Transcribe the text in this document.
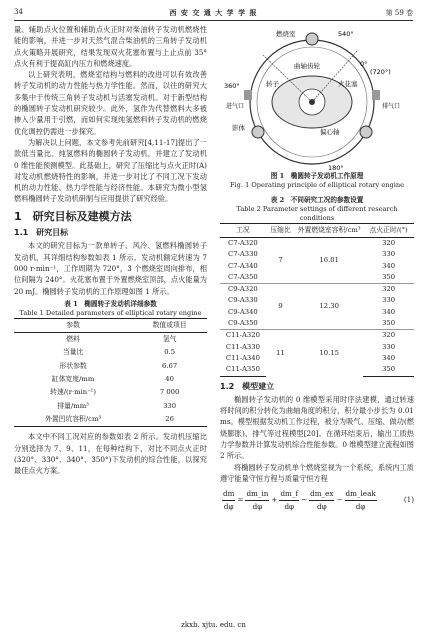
34	西 安 交 通 大 学 学 报	第 59 卷

量、辅助点火位置和辅助点火正时对柴油转子发动机燃烧性能的影响，并进一步对天然气混合柴油机的三角转子发动机点火策略开展研究，结果发现双火花塞布置与上止点前 35°点火有利于提高缸内压力和燃烧速度。

以上研究表明，燃烧室结构与燃料的改进可以有效改善转子发动机的动力性能与热力学性能。然而，以往的研究大多集中于传统三角转子发动机与活塞发动机。对于新型结构的椭圆转子发动机研究较少。此外，氢作为代替燃料大多被掺入少量用于引燃，而如何实现纯氢燃料转子发动机的燃烧优化调控仍需进一步探究。

为解决以上问题，本文参考先前研究[4,11-17]提出了一款低当量比、纯氢燃料的椭圆转子发动机，并建立了发动机 0 维性能预测模型。此基础上，研究了压缩比与点火正时(A)对发动机燃烧特性的影响，并进一步对比了不同工况下发动机的动力性能、热力学性能与经济性能。本研究为微小型氢燃料椭圆转子发动机研制与应用提供了研究经验。

1　研究目标及建模方法
1.1　研究目标

本文的研究目标为一款单转子、风冷、氢燃料椭圆转子发动机，其详细结构参数如表 1 所示。发动机额定转速为 7 000 r·min⁻¹，工作周期为 720°，3 个燃烧室周向排布，相位间隔为 240°。火花塞布置于外置燃烧室顶部，点火能量为 20 mJ。椭圆转子发动机的工作原理如图 1 所示。

表 1　椭圆转子发动机详细参数
Table 1 Detailed parameters of elliptical rotary engine
参数	数值或项目
燃料	氢气
当量比	0.5
形状参数	6.67
缸体宽度/mm	40
转速/(r·min⁻¹)	7 000
排量/mm³	330
外置凹坑容积/cm³	26

本文中不同工况对应的参数如表 2 所示。发动机压缩比分别选择为 7、9、11，在每种结构下，对比不同点火正时(320°、330°、340°、350°)下发动机的综合性能，以探究最佳点火方案。

燃烧室	540°
曲轴齿轮	0°
(720°)
转子	火花塞
360°
进气口	排气口
影体	偏心轴
180°
图 1　椭圆转子发动机工作原理
Fig. 1 Operating principle of elliptical rotary engine
表 2　不同研究工况的参数设置
Table 2 Parameter settings of different research conditions
工况	压缩比	外置燃烧室容积/cm³	点火正时/(°)
C7-A320	7	16.01	320
C7-A330			330
C7-A340			340
C7-A350			350
C9-A320	9	12.30	320
C9-A330			330
C9-A340			340
C9-A350			350
C11-A320	11	10.15	320
C11-A330			330
C11-A340			340
C11-A350			350
1.2　模型建立

椭圆转子发动机的 0 维模型采用时序法建模，通过转速将时间的积分转化为曲轴角度的积分，积分最小步长为 0.01 ms。模型根据发动机工作过程，被分为吸气、压缩、做功(燃烧膨胀)、排气等过程模型[20]。在循环结束后，输出工质热力学参数并计算发动机综合性能参数。0 维模型建立流程如图 2 所示。

将椭圆转子发动机单个燃烧室视为一个系统，系统内工质遵守能量守恒方程与质量守恒方程

$\frac{dm}{d\varphi} = \frac{dm\_in}{d\varphi} + \frac{dm\_f}{d\varphi} - \frac{dm\_ex}{d\varphi} - \frac{\text{dm\_leak}}{d\varphi}$	(1)
zkxb. xjtu. edu. cn
